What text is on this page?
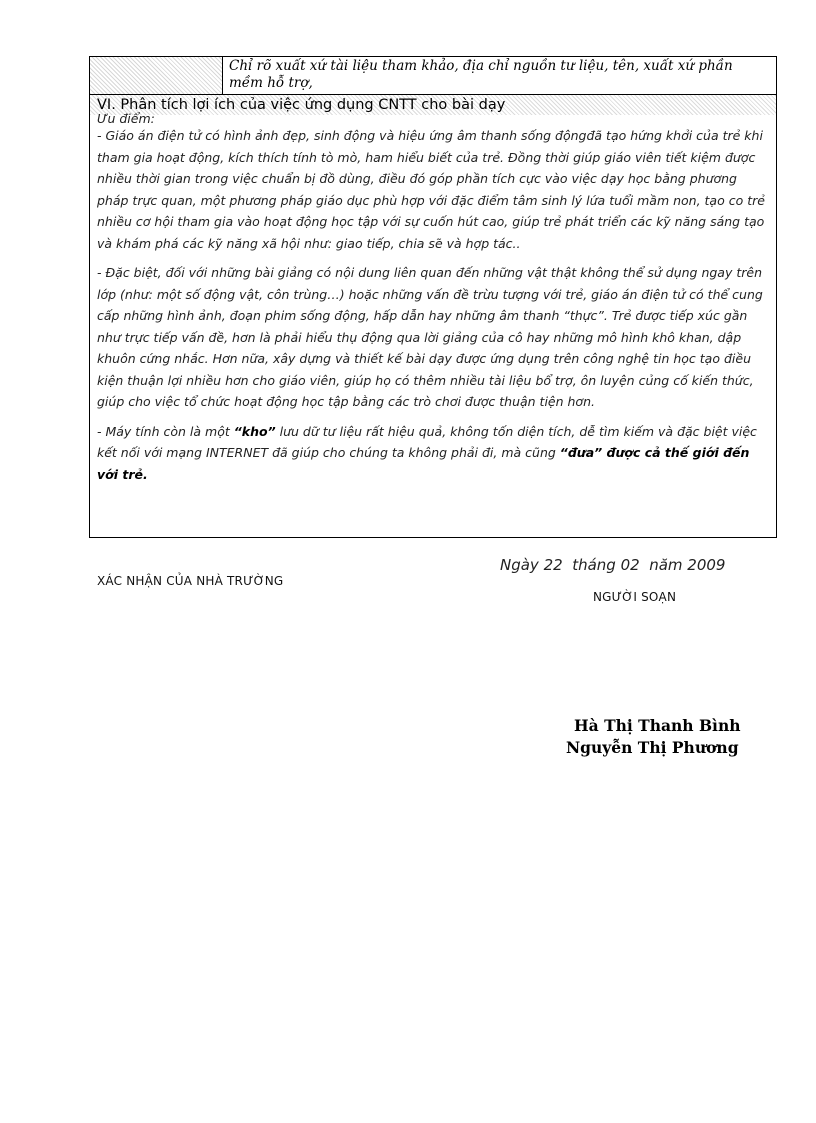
Chỉ rõ xuất xứ tài liệu tham khảo, địa chỉ nguồn tư liệu, tên, xuất xứ phần mềm hỗ trợ,
VI. Phân tích lợi ích của việc ứng dụng CNTT cho bài dạy

Ưu điểm:

- Giáo án điện tử có hình ảnh đẹp, sinh động và hiệu ứng âm thanh sống độngđã tạo hứng khởi của trẻ khi tham gia hoạt động, kích thích tính tò mò, ham hiểu biết của trẻ. Đồng thời giúp giáo viên tiết kiệm được nhiều thời gian trong việc chuẩn bị đồ dùng, điều đó góp phần tích cực vào việc dạy học bằng phương pháp trực quan, một phương pháp giáo dục phù hợp với đặc điểm tâm sinh lý lứa tuổi mầm non, tạo co trẻ nhiều cơ hội tham gia vào hoạt động học tập với sự cuốn hút cao, giúp trẻ phát triển các kỹ năng sáng tạo và khám phá các kỹ năng xã hội như: giao tiếp, chia sẽ và hợp tác..

- Đặc biệt, đối với những bài giảng có nội dung liên quan đến những vật thật không thể sử dụng ngay trên lớp (như: một số động vật, côn trùng…) hoặc những vấn đề trừu tượng với trẻ, giáo án điện tử có thể cung cấp những hình ảnh, đoạn phim sống động, hấp dẫn hay những âm thanh “thực”. Trẻ được tiếp xúc gần như trực tiếp vấn đề, hơn là phải hiểu thụ động qua lời giảng của cô hay những mô hình khô khan, dập khuôn cứng nhắc. Hơn nữa, xây dựng và thiết kế bài dạy được ứng dụng trên công nghệ tin học tạo điều kiện thuận lợi nhiều hơn cho giáo viên, giúp họ có thêm nhiều tài liệu bổ trợ, ôn luyện củng cố kiến thức, giúp cho việc tổ chức hoạt động học tập bằng các trò chơi được thuận tiện hơn.

- Máy tính còn là một “kho” lưu dữ tư liệu rất hiệu quả, không tốn diện tích, dễ tìm kiếm và đặc biệt việc kết nối với mạng INTERNET đã giúp cho chúng ta không phải đi, mà cũng “đưa” được cả thế giới đến với trẻ.

Ngày 22  tháng 02  năm 2009
XÁC NHẬN CỦA NHÀ TRƯỜNG
NGƯỜI SOẠN
Hà Thị Thanh Bình
Nguyễn Thị Phương
